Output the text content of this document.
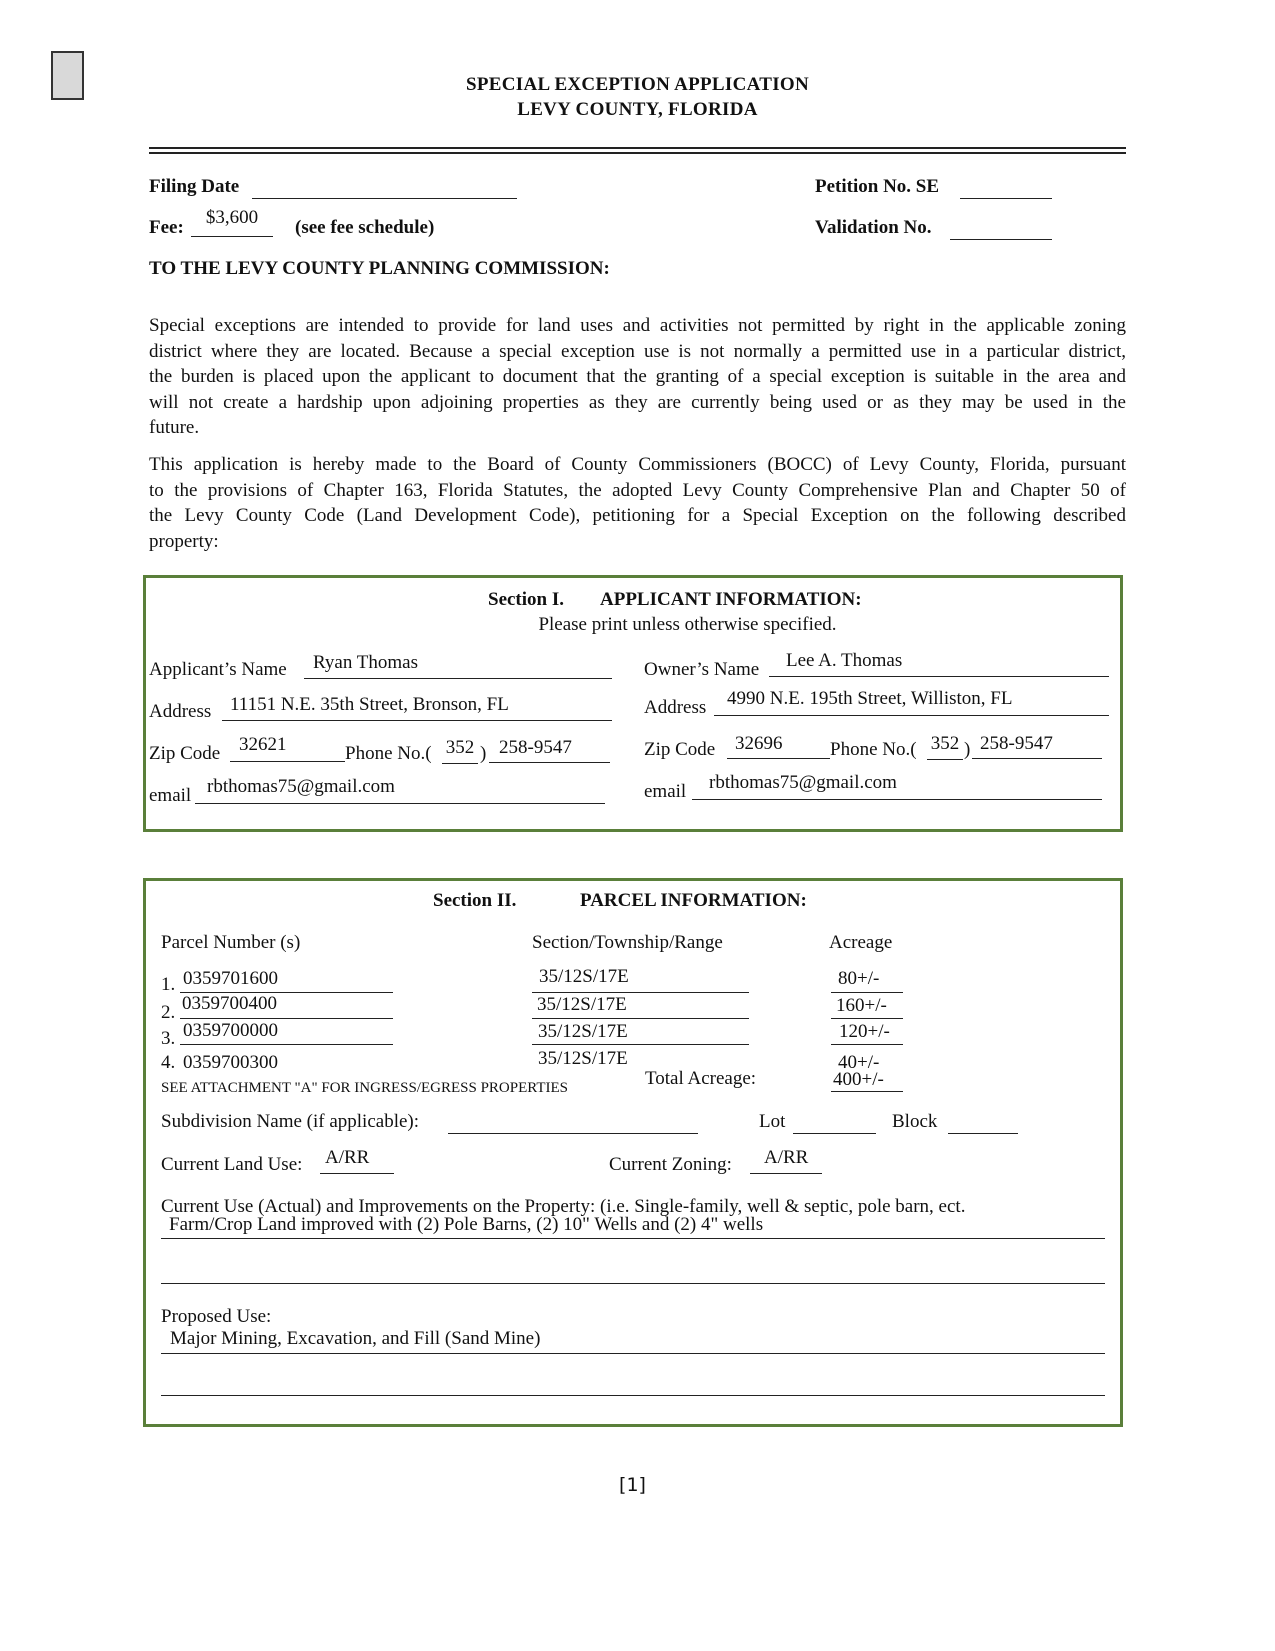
SPECIAL EXCEPTION APPLICATION
LEVY COUNTY, FLORIDA
Filing Date	Petition No. SE
Fee:	$3,600	(see fee schedule)	Validation No.
TO THE LEVY COUNTY PLANNING COMMISSION:
Special exceptions are intended to provide for land uses and activities not permitted by right in the applicable zoning
district where they are located. Because a special exception use is not normally a permitted use in a particular district,
the burden is placed upon the applicant to document that the granting of a special exception is suitable in the area and
will not create a hardship upon adjoining properties as they are currently being used or as they may be used in the
future.
This application is hereby made to the Board of County Commissioners (BOCC) of Levy County, Florida, pursuant
to the provisions of Chapter 163, Florida Statutes, the adopted Levy County Comprehensive Plan and Chapter 50 of
the Levy County Code (Land Development Code), petitioning for a Special Exception on the following described
property:
Section I. APPLICANT INFORMATION:
Please print unless otherwise specified.
Applicant’s Name	Ryan Thomas
Address 11151 N.E. 35th Street, Bronson, FL
Zip Code 32621	Phone No.( 352 ) 258-9547
email rbthomas75@gmail.com
Owner’s Name	Lee A. Thomas
Address	4990 N.E. 195th Street, Williston, FL
Zip Code	32696	Phone No.( 352 ) 258-9547
email	rbthomas75@gmail.com
Section II.	PARCEL INFORMATION:
Parcel Number (s)	Section/Township/Range	Acreage
1. 0359701600	35/12S/17E	80+/-
2. 0359700400	35/12S/17E	160+/-
3. 0359700000	35/12S/17E	120+/-
4. 0359700300	35/12S/17E	40+/-
SEE ATTACHMENT "A" FOR INGRESS/EGRESS PROPERTIES	Total Acreage:	400+/-
Subdivision Name (if applicable):	Lot	Block
Current Land Use: A/RR	Current Zoning:	A/RR
Current Use (Actual) and Improvements on the Property: (i.e. Single-family, well & septic, pole barn, ect.
Farm/Crop Land improved with (2) Pole Barns, (2) 10" Wells and (2) 4" wells
Proposed Use:
Major Mining, Excavation, and Fill (Sand Mine)
[1]
